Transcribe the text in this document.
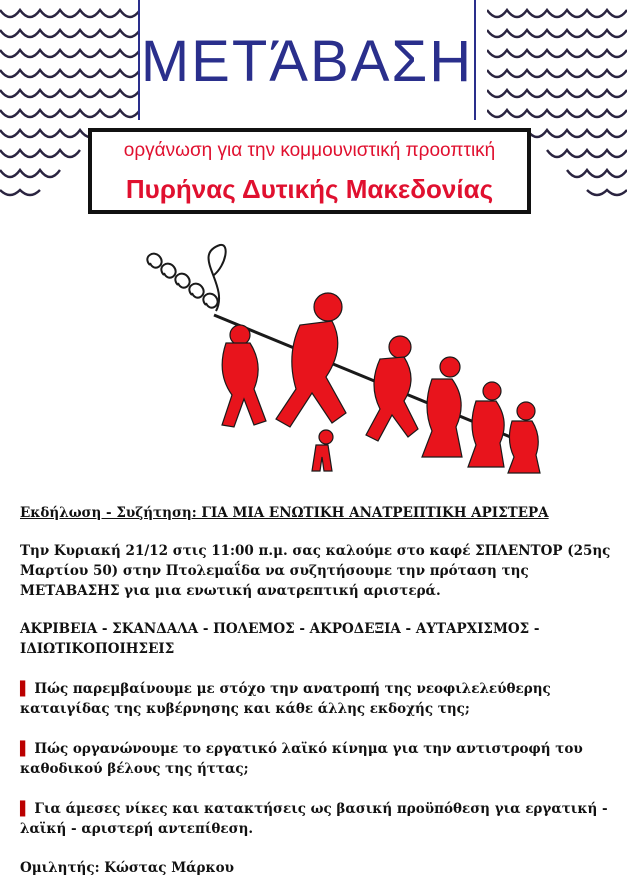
ΜΕΤΆΒΑΣΗ
οργάνωση για την κομμουνιστική προοπτική
Πυρήνας Δυτικής Μακεδονίας
Εκδήλωση - Συζήτηση: ΓΙΑ ΜΙΑ ΕΝΩΤΙΚΗ ΑΝΑΤΡΕΠΤΙΚΗ ΑΡΙΣΤΕΡΑ
Την Κυριακή 21/12 στις 11:00 π.μ. σας καλούμε στο καφέ ΣΠΛΕΝΤΟΡ (25ης Μαρτίου 50) στην Πτολεμαΐδα να συζητήσουμε την πρόταση της ΜΕΤΑΒΑΣΗΣ για μια ενωτική ανατρεπτική αριστερά.
ΑΚΡΙΒΕΙΑ - ΣΚΑΝΔΑΛΑ - ΠΟΛΕΜΟΣ - ΑΚΡΟΔΕΞΙΑ - ΑΥΤΑΡΧΙΣΜΟΣ - ΙΔΙΩΤΙΚΟΠΟΙΗΣΕΙΣ
▌ Πώς παρεμβαίνουμε με στόχο την ανατροπή της νεοφιλελεύθερης καταιγίδας της κυβέρνησης και κάθε άλλης εκδοχής της;
▌ Πώς οργανώνουμε το εργατικό λαϊκό κίνημα για την αντιστροφή του καθοδικού βέλους της ήττας;
▌ Για άμεσες νίκες και κατακτήσεις ως βασική προϋπόθεση για εργατική - λαϊκή - αριστερή αντεπίθεση.
Ομιλητής: Κώστας Μάρκου
